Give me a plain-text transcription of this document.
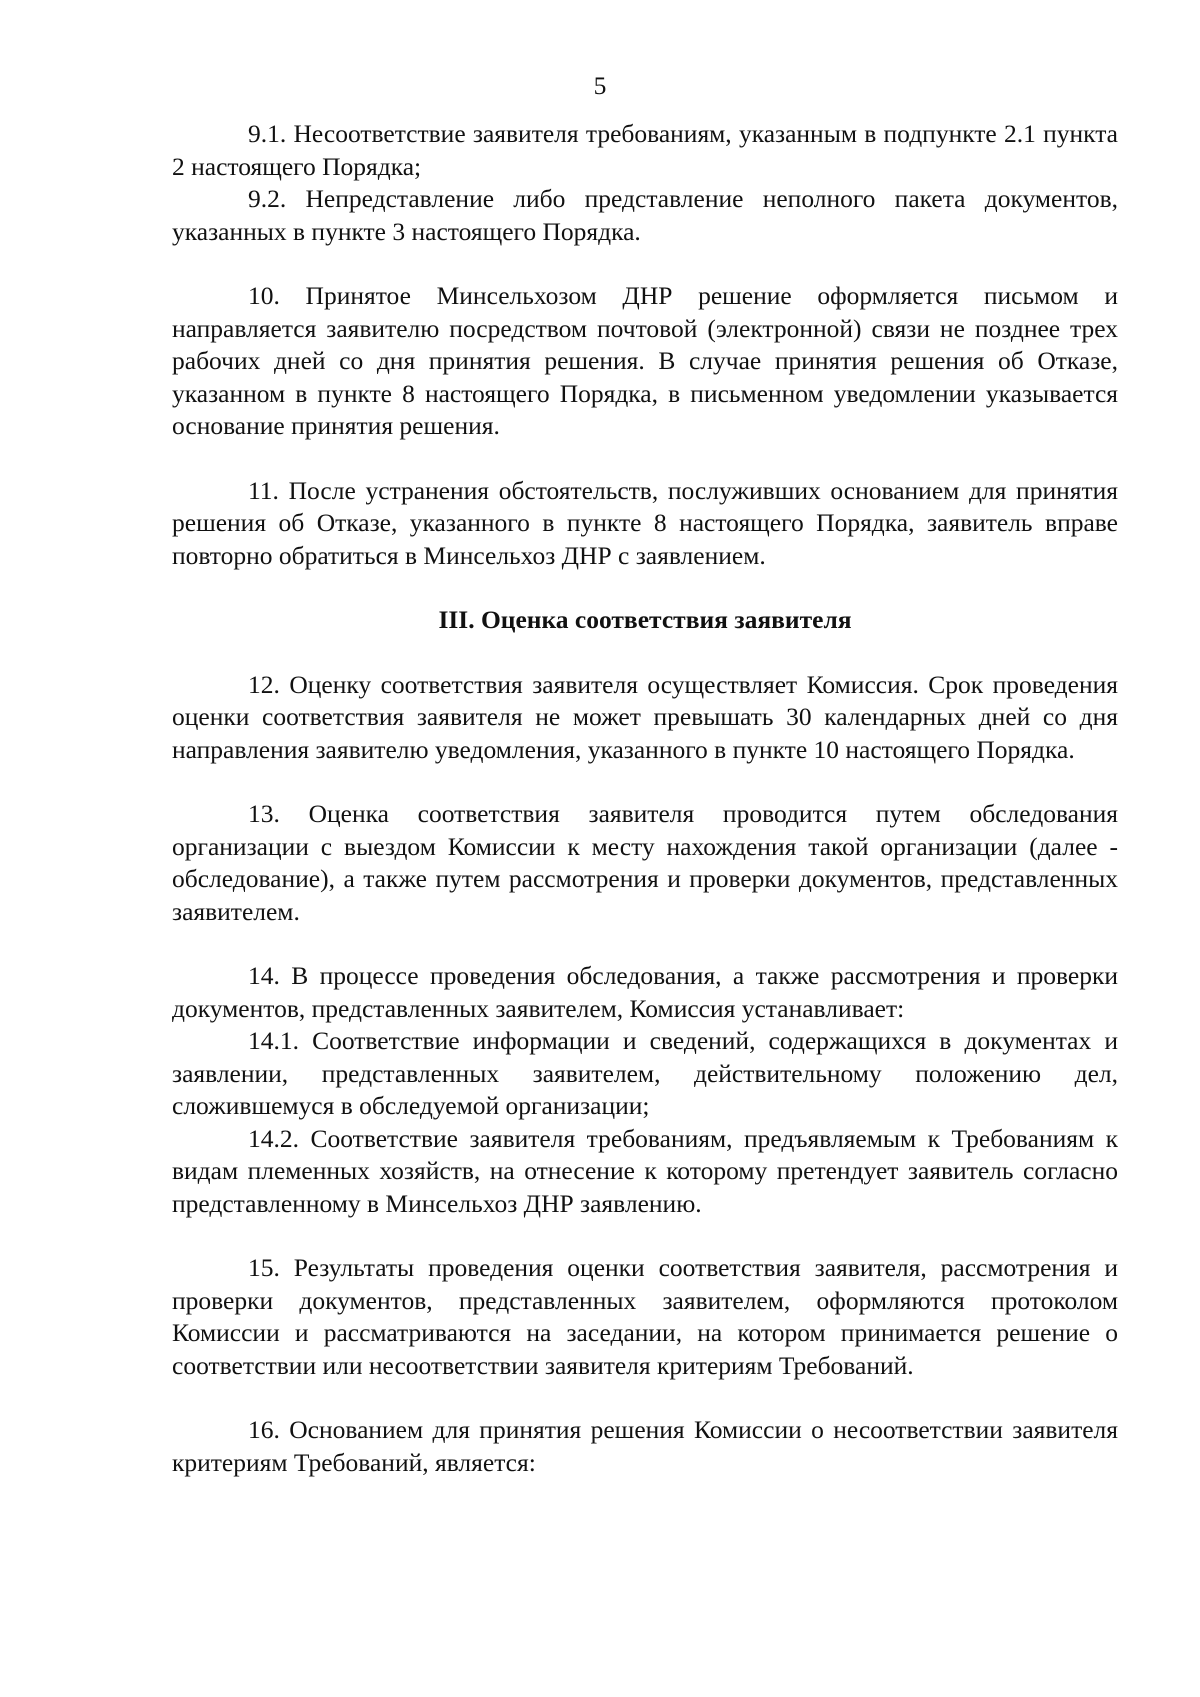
5

9.1. Несоответствие заявителя требованиям, указанным в подпункте 2.1 пункта 2 настоящего Порядка;

9.2. Непредставление либо представление неполного пакета документов, указанных в пункте 3 настоящего Порядка.

10. Принятое Минсельхозом ДНР решение оформляется письмом и направляется заявителю посредством почтовой (электронной) связи не позднее трех рабочих дней со дня принятия решения. В случае принятия решения об Отказе, указанном в пункте 8 настоящего Порядка, в письменном уведомлении указывается основание принятия решения.

11. После устранения обстоятельств, послуживших основанием для принятия решения об Отказе, указанного в пункте 8 настоящего Порядка, заявитель вправе повторно обратиться в Минсельхоз ДНР с заявлением.

III. Оценка соответствия заявителя

12. Оценку соответствия заявителя осуществляет Комиссия. Срок проведения оценки соответствия заявителя не может превышать 30 календарных дней со дня направления заявителю уведомления, указанного в пункте 10 настоящего Порядка.

13. Оценка соответствия заявителя проводится путем обследования организации с выездом Комиссии к месту нахождения такой организации (далее - обследование), а также путем рассмотрения и проверки документов, представленных заявителем.

14. В процессе проведения обследования, а также рассмотрения и проверки документов, представленных заявителем, Комиссия устанавливает:

14.1. Соответствие информации и сведений, содержащихся в документах и заявлении, представленных заявителем, действительному положению дел, сложившемуся в обследуемой организации;

14.2. Соответствие заявителя требованиям, предъявляемым к Требованиям к видам племенных хозяйств, на отнесение к которому претендует заявитель согласно представленному в Минсельхоз ДНР заявлению.

15. Результаты проведения оценки соответствия заявителя, рассмотрения и проверки документов, представленных заявителем, оформляются протоколом Комиссии и рассматриваются на заседании, на котором принимается решение о соответствии или несоответствии заявителя критериям Требований.

16. Основанием для принятия решения Комиссии о несоответствии заявителя критериям Требований, является:
